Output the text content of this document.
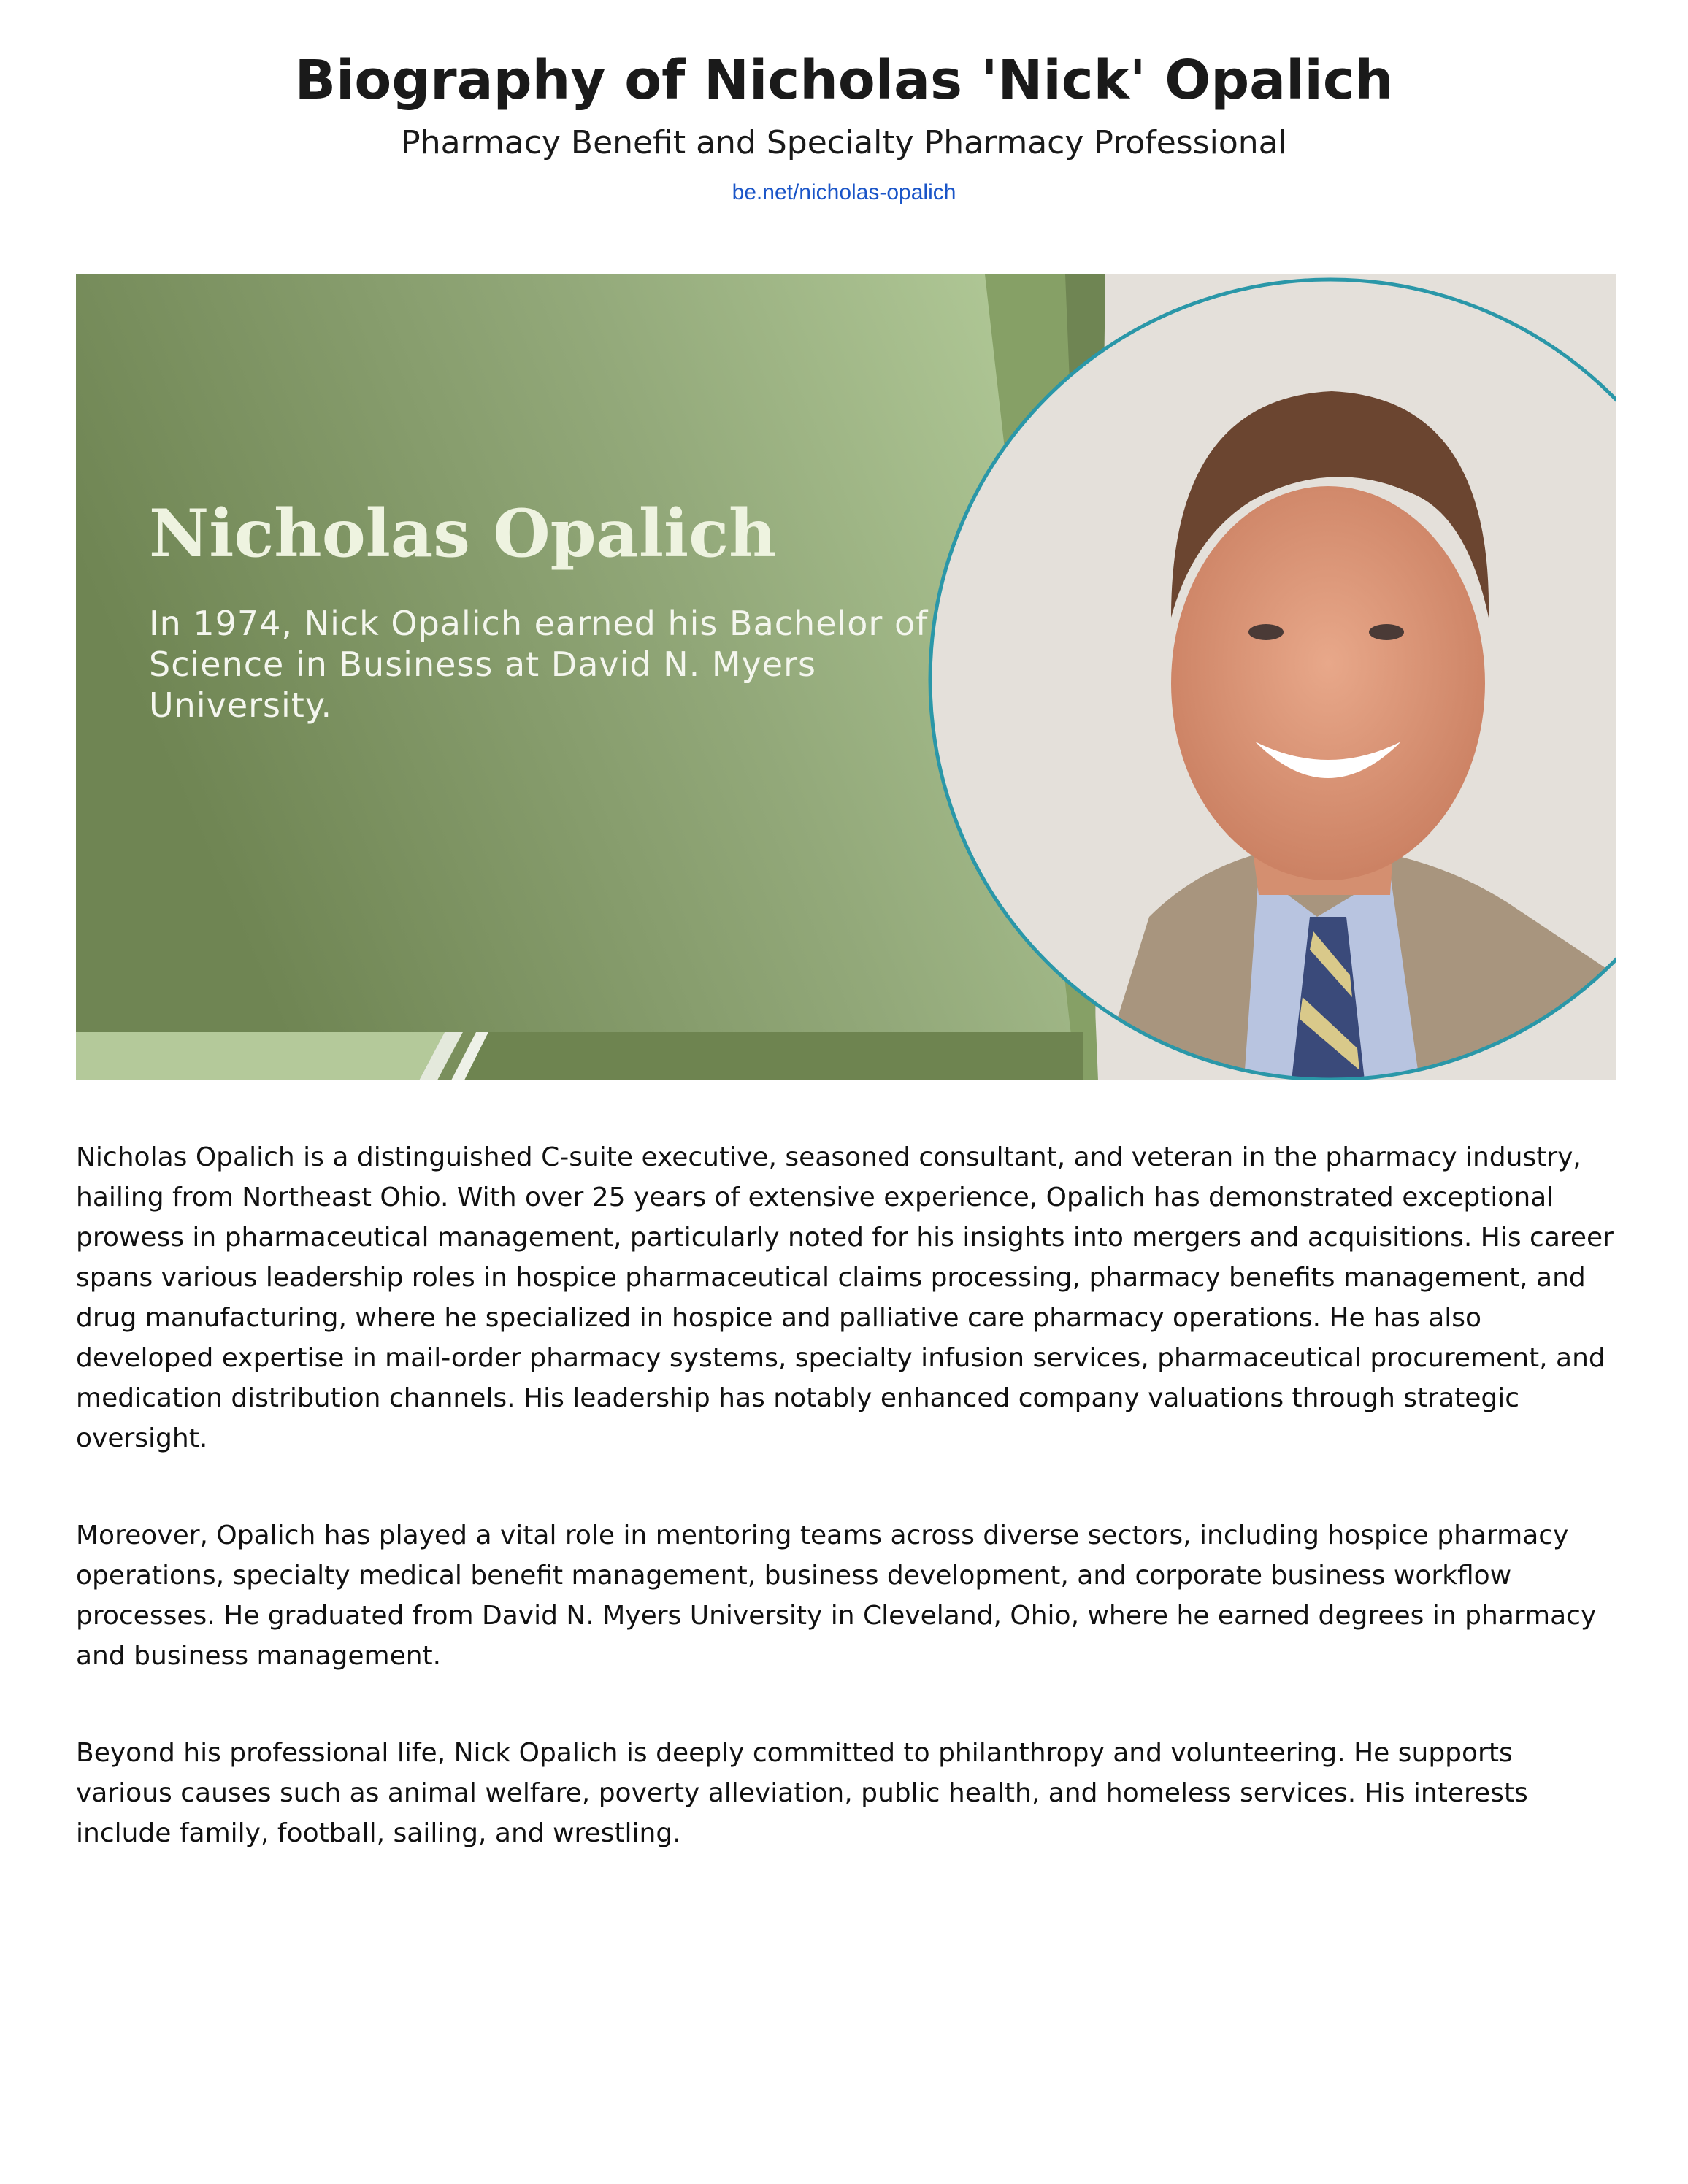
Biography of Nicholas 'Nick' Opalich
Pharmacy Benefit and Specialty Pharmacy Professional
be.net/nicholas-opalich
Nicholas Opalich

In 1974, Nick Opalich earned his Bachelor of Science in Business at David N. Myers University.

Nicholas Opalich is a distinguished C-suite executive, seasoned consultant, and veteran in the pharmacy industry, hailing from Northeast Ohio. With over 25 years of extensive experience, Opalich has demonstrated exceptional prowess in pharmaceutical management, particularly noted for his insights into mergers and acquisitions. His career spans various leadership roles in hospice pharmaceutical claims processing, pharmacy benefits management, and drug manufacturing, where he specialized in hospice and palliative care pharmacy operations. He has also developed expertise in mail-order pharmacy systems, specialty infusion services, pharmaceutical procurement, and medication distribution channels. His leadership has notably enhanced company valuations through strategic oversight.

Moreover, Opalich has played a vital role in mentoring teams across diverse sectors, including hospice pharmacy operations, specialty medical benefit management, business development, and corporate business workflow processes. He graduated from David N. Myers University in Cleveland, Ohio, where he earned degrees in pharmacy and business management.

Beyond his professional life, Nick Opalich is deeply committed to philanthropy and volunteering. He supports various causes such as animal welfare, poverty alleviation, public health, and homeless services. His interests include family, football, sailing, and wrestling.
